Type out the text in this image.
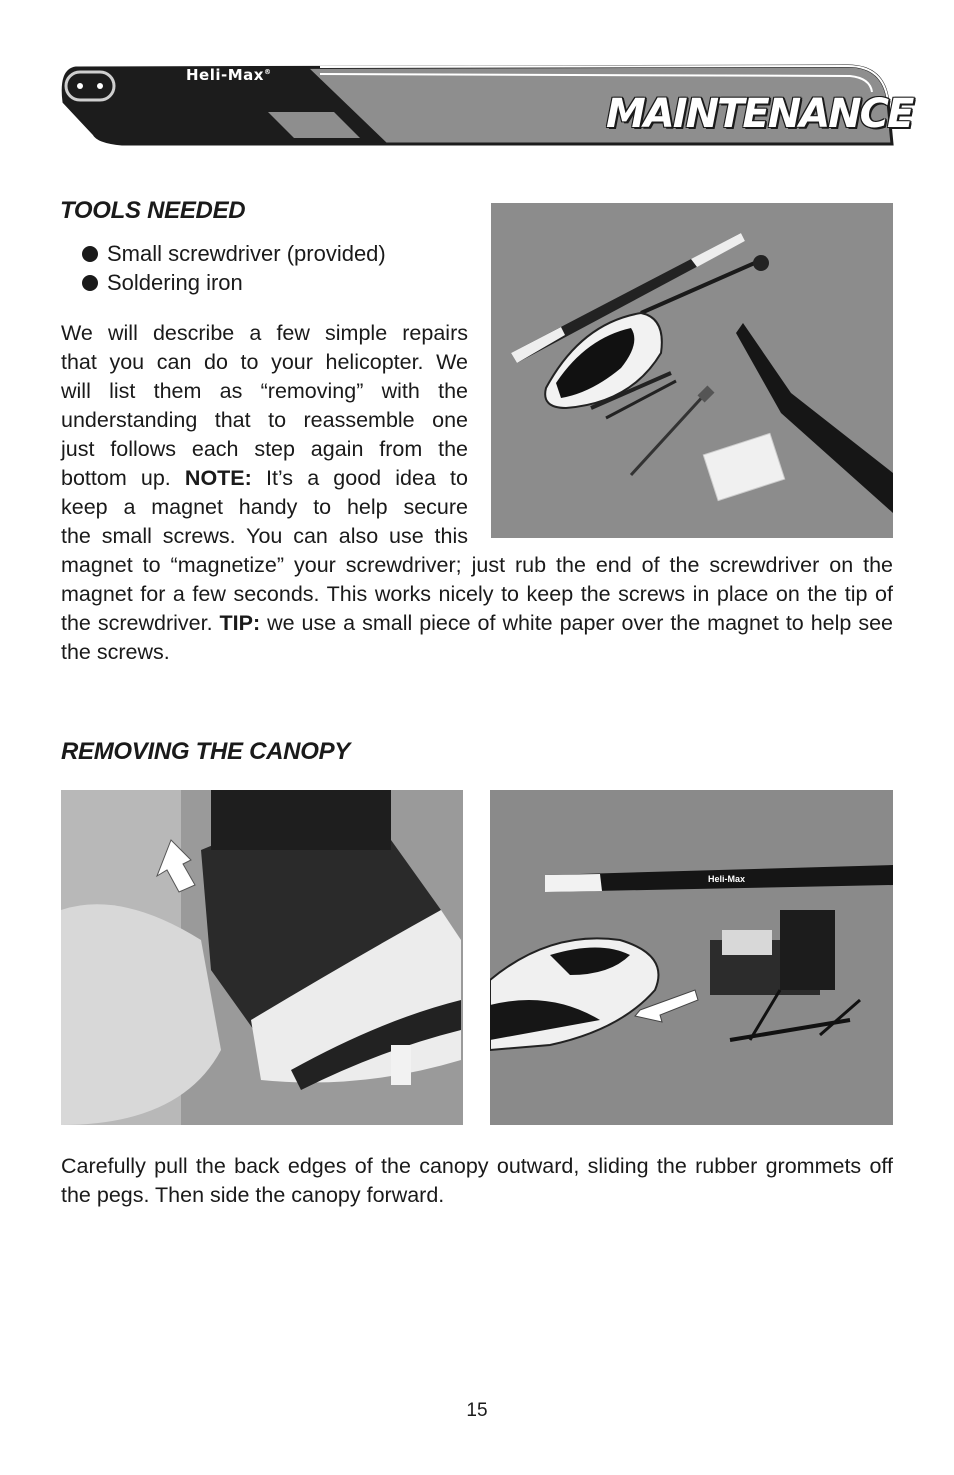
Heli-Max®
MAINTENANCE
TOOLS NEEDED
Small screwdriver (provided)
Soldering iron
We will describe a few simple repairs
that you can do to your helicopter. We
will list them as “removing” with the
understanding that to reassemble one
just follows each step again from the
bottom up. NOTE: It’s a good idea to
keep a magnet handy to help secure
the small screws. You can also use this
magnet to “magnetize” your screwdriver; just rub the end of the screwdriver on the magnet for a few seconds. This works nicely to keep the screws in place on the tip of the screwdriver. TIP: we use a small piece of white paper over the magnet to help see the screws.
REMOVING THE CANOPY
Heli-Max

Carefully pull the back edges of the canopy outward, sliding the rubber grommets off the pegs. Then side the canopy forward.

15
